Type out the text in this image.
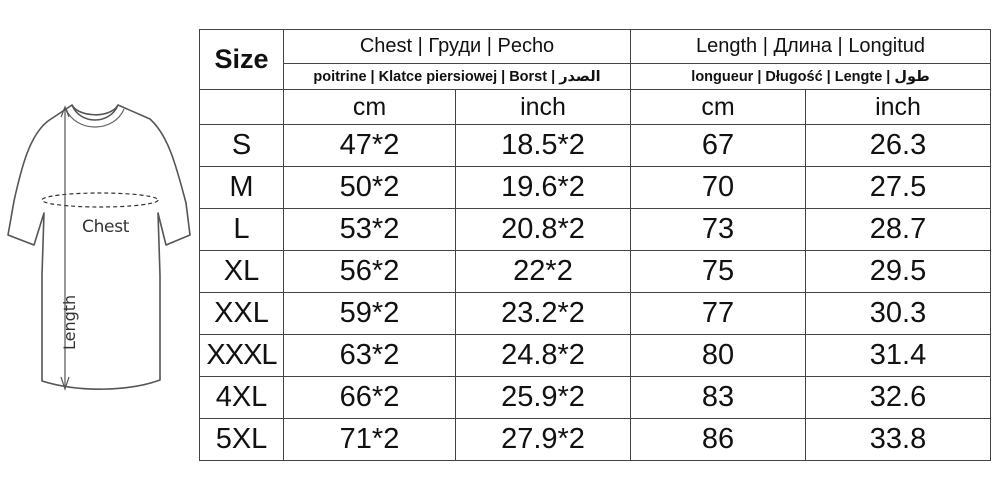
Chest
Length
Size	Chest | Груди | Pecho		Length | Длина | Longitud	
	poitrine | Klatce piersiowej | Borst | الصدر		longueur | Długość | Lengte | طول	
	cm	inch	cm	inch
S	47*2	18.5*2	67	26.3
M	50*2	19.6*2	70	27.5
L	53*2	20.8*2	73	28.7
XL	56*2	22*2	75	29.5
XXL	59*2	23.2*2	77	30.3
XXXL	63*2	24.8*2	80	31.4
4XL	66*2	25.9*2	83	32.6
5XL	71*2	27.9*2	86	33.8
